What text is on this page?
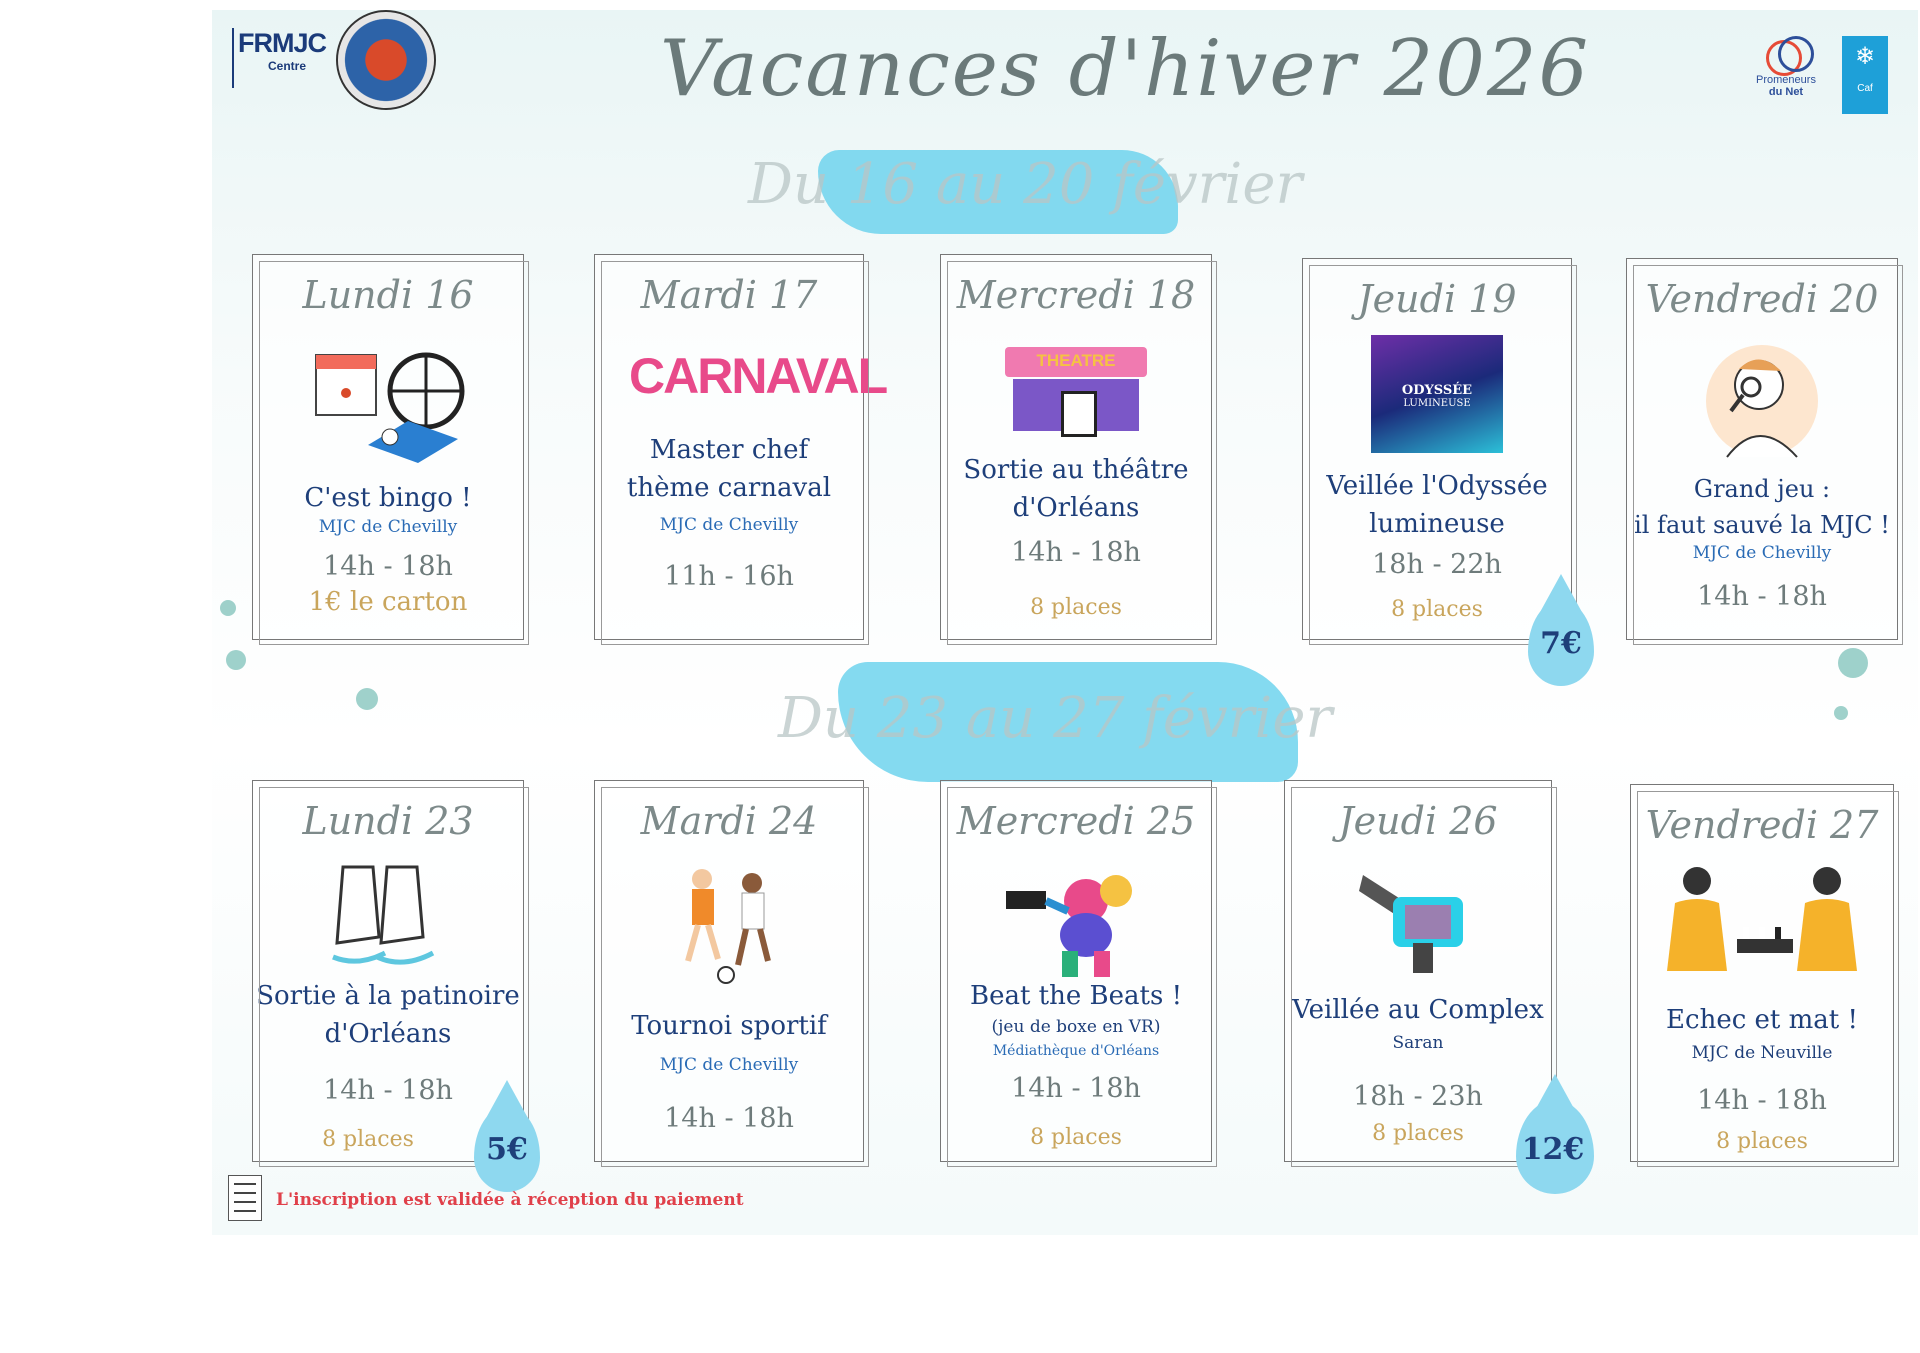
FRMJC
Centre	Vacances d'hiver 2026	Promeneurs
du Net
❄
Caf
Du 16 au 20 février
Du 23 au 27 février
Lundi 16
C'est bingo !
MJC de Chevilly
14h - 18h
1€ le carton
Mardi 17
CARNAVAL
Master chef
thème carnaval
MJC de Chevilly
11h - 16h
Mercredi 18
THEATRE
Sortie au théâtre
d'Orléans
14h - 18h
8 places
Jeudi 19
ODYSSÉE
LUMINEUSE
Veillée l'Odyssée
lumineuse
18h - 22h
8 places
7€
Vendredi 20
Grand jeu :
il faut sauvé la MJC !
MJC de Chevilly
14h - 18h
Lundi 23
Sortie à la patinoire
d'Orléans
14h - 18h
8 places	5€
Mardi 24
Tournoi sportif
MJC de Chevilly
14h - 18h
Mercredi 25
Beat the Beats !
(jeu de boxe en VR)
Médiathèque d'Orléans
14h - 18h
8 places
Jeudi 26
Veillée au Complex
Saran
18h - 23h
8 places	12€
Vendredi 27
Echec et mat !
MJC de Neuville
14h - 18h
8 places
L'inscription est validée à réception du paiement
